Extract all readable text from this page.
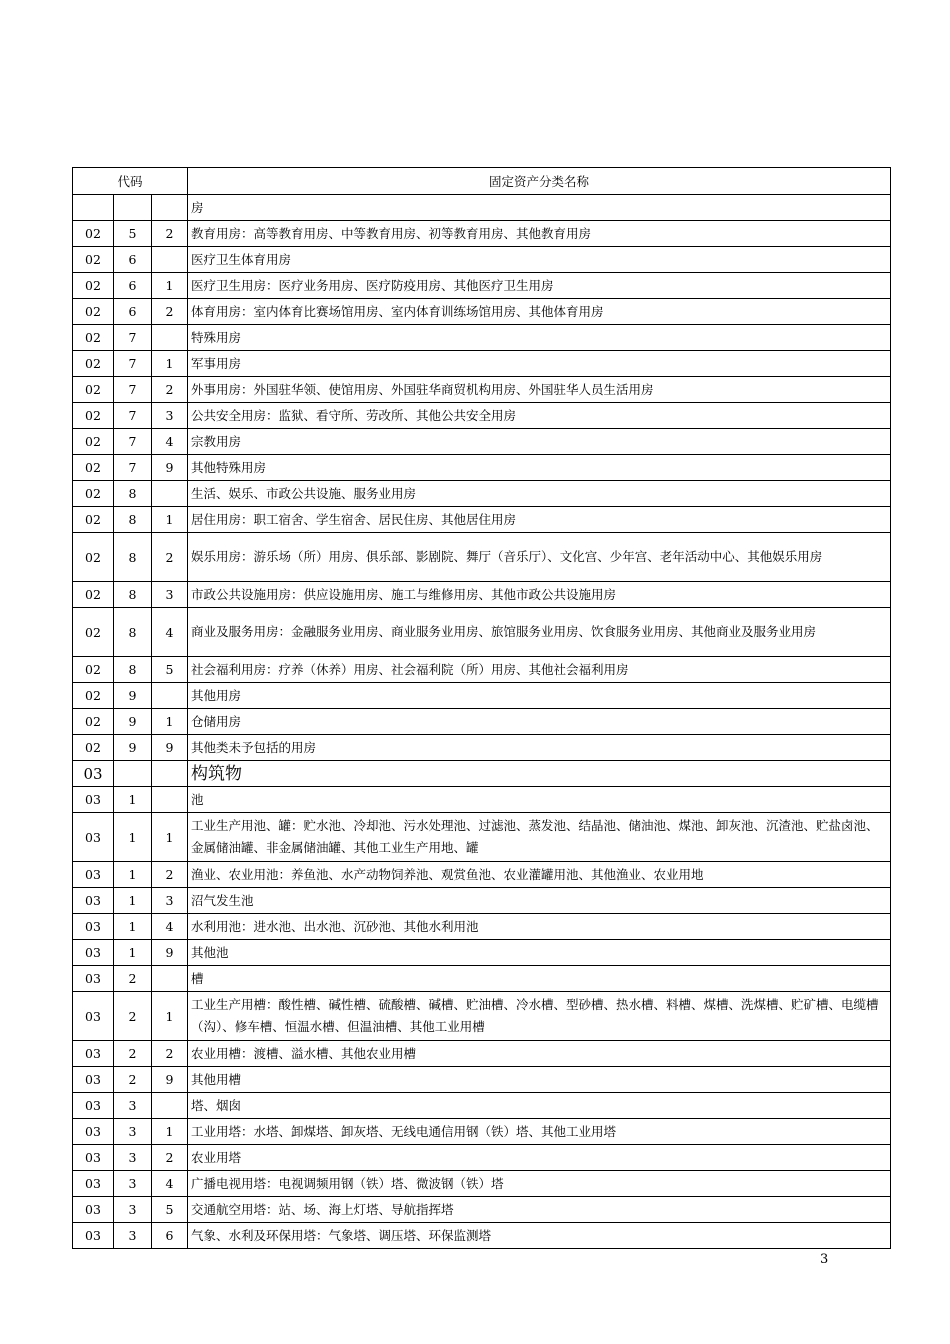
代码			固定资产分类名称
			房
02	5	2	教育用房：高等教育用房、中等教育用房、初等教育用房、其他教育用房
02	6		医疗卫生体育用房
02	6	1	医疗卫生用房：医疗业务用房、医疗防疫用房、其他医疗卫生用房
02	6	2	体育用房：室内体育比赛场馆用房、室内体育训练场馆用房、其他体育用房
02	7		特殊用房
02	7	1	军事用房
02	7	2	外事用房：外国驻华领、使馆用房、外国驻华商贸机构用房、外国驻华人员生活用房
02	7	3	公共安全用房：监狱、看守所、劳改所、其他公共安全用房
02	7	4	宗教用房
02	7	9	其他特殊用房
02	8		生活、娱乐、市政公共设施、服务业用房
02	8	1	居住用房：职工宿舍、学生宿舍、居民住房、其他居住用房
02	8	2	娱乐用房：游乐场（所）用房、俱乐部、影剧院、舞厅（音乐厅）、文化宫、少年宫、老年活动中心、其他娱乐用房
02	8	3	市政公共设施用房：供应设施用房、施工与维修用房、其他市政公共设施用房
02	8	4	商业及服务用房：金融服务业用房、商业服务业用房、旅馆服务业用房、饮食服务业用房、其他商业及服务业用房
02	8	5	社会福利用房：疗养（休养）用房、社会福利院（所）用房、其他社会福利用房
02	9		其他用房
02	9	1	仓储用房
02	9	9	其他类未予包括的用房
03			构筑物
03	1		池
03	1	1	工业生产用池、罐：贮水池、冷却池、污水处理池、过滤池、蒸发池、结晶池、储油池、煤池、卸灰池、沉渣池、贮盐卤池、金属储油罐、非金属储油罐、其他工业生产用地、罐
03	1	2	渔业、农业用池：养鱼池、水产动物饲养池、观赏鱼池、农业灌罐用池、其他渔业、农业用地
03	1	3	沼气发生池
03	1	4	水利用池：进水池、出水池、沉砂池、其他水利用池
03	1	9	其他池
03	2		槽
03	2	1	工业生产用槽：酸性槽、碱性槽、硫酸槽、碱槽、贮油槽、冷水槽、型砂槽、热水槽、料槽、煤槽、洗煤槽、贮矿槽、电缆槽（沟）、修车槽、恒温水槽、但温油槽、其他工业用槽
03	2	2	农业用槽：渡槽、溢水槽、其他农业用槽
03	2	9	其他用槽
03	3		塔、烟囱
03	3	1	工业用塔：水塔、卸煤塔、卸灰塔、无线电通信用钢（铁）塔、其他工业用塔
03	3	2	农业用塔
03	3	4	广播电视用塔：电视调频用钢（铁）塔、微波钢（铁）塔
03	3	5	交通航空用塔：站、场、海上灯塔、导航指挥塔
03	3	6	气象、水利及环保用塔：气象塔、调压塔、环保监测塔
3
